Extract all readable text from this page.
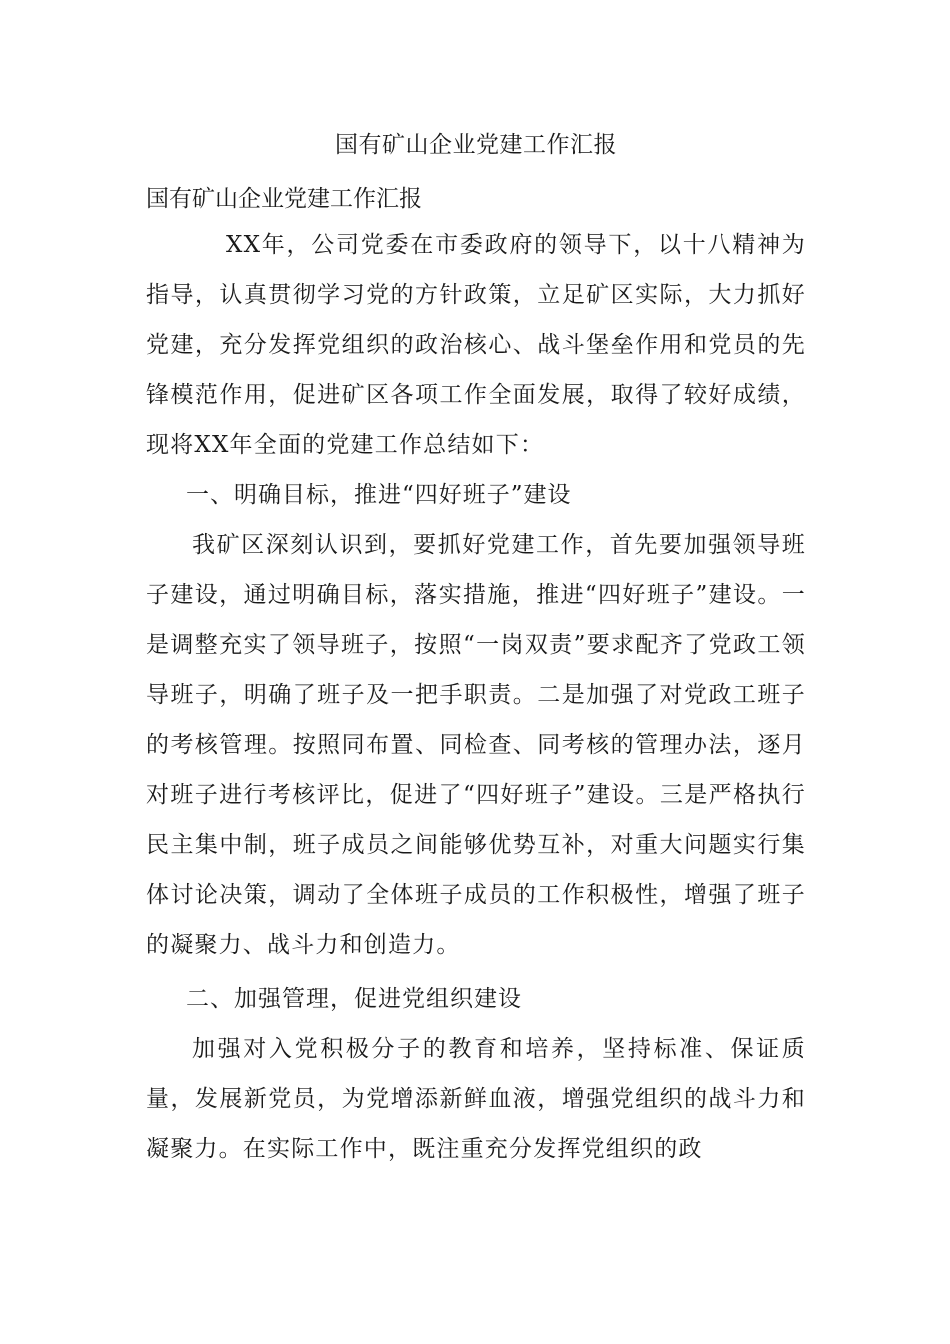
国有矿山企业党建工作汇报
国有矿山企业党建工作汇报

XX年，公司党委在市委政府的领导下，以十八精神为指导，认真贯彻学习党的方针政策，立足矿区实际，大力抓好党建，充分发挥党组织的政治核心、战斗堡垒作用和党员的先锋模范作用，促进矿区各项工作全面发展，取得了较好成绩，现将XX年全面的党建工作总结如下：

一、明确目标，推进“四好班子”建设

我矿区深刻认识到，要抓好党建工作，首先要加强领导班子建设，通过明确目标，落实措施，推进“四好班子”建设。一是调整充实了领导班子，按照“一岗双责”要求配齐了党政工领导班子，明确了班子及一把手职责。二是加强了对党政工班子的考核管理。按照同布置、同检查、同考核的管理办法，逐月对班子进行考核评比，促进了“四好班子”建设。三是严格执行民主集中制，班子成员之间能够优势互补，对重大问题实行集体讨论决策，调动了全体班子成员的工作积极性，增强了班子的凝聚力、战斗力和创造力。

二、加强管理，促进党组织建设

加强对入党积极分子的教育和培养，坚持标准、保证质量，发展新党员，为党增添新鲜血液，增强党组织的战斗力和凝聚力。在实际工作中，既注重充分发挥党组织的政
